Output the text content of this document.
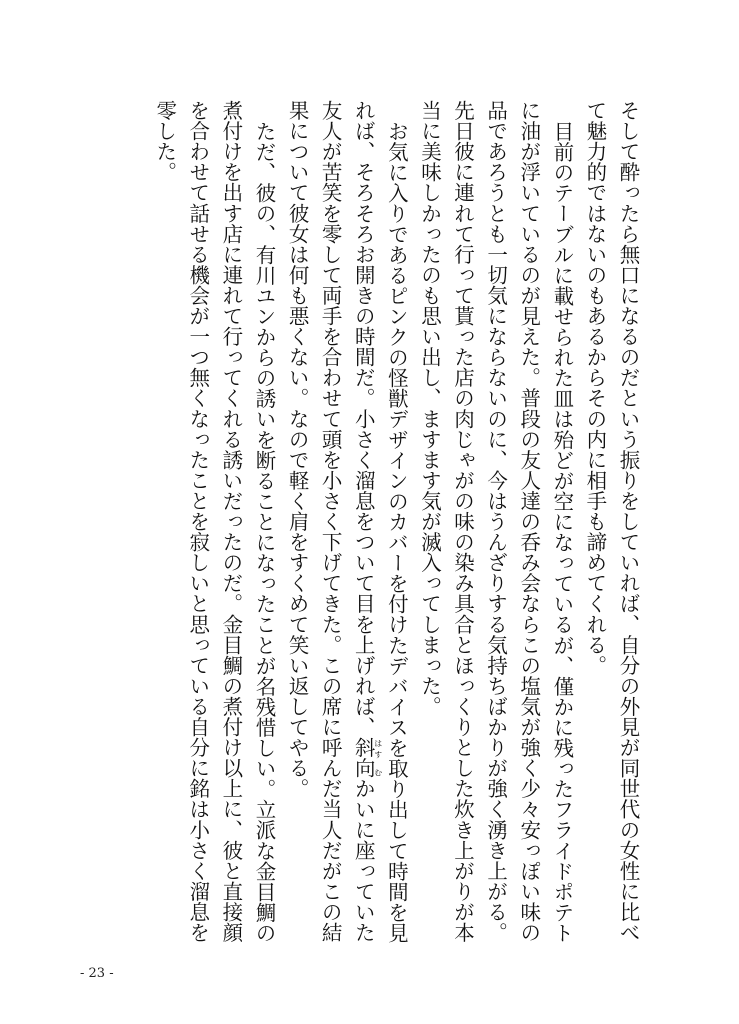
そして酔ったら無口になるのだという振りをしていれば、自分の外見が同世代の女性に比べて魅力的ではないのもあるからその内に相手も諦めてくれる。

目前のテーブルに載せられた皿は殆どが空になっているが、僅かに残ったフライドポテトに油が浮いているのが見えた。普段の友人達の呑み会ならこの塩気が強く少々安っぽい味の品であろうとも一切気にならないのに、今はうんざりする気持ちばかりが強く湧き上がる。先日彼に連れて行って貰った店の肉じゃがの味の染み具合とほっくりとした炊き上がりが本当に美味しかったのも思い出し、ますます気が滅入ってしまった。

お気に入りであるピンクの怪獣デザインのカバーを付けたデバイスを取り出して時間を見れば、そろそろお開きの時間だ。小さく溜息をついて目を上げれば、斜向はす むかいに座っていた友人が苦笑を零して両手を合わせて頭を小さく下げてきた。この席に呼んだ当人だがこの結果について彼女は何も悪くない。なので軽く肩をすくめて笑い返してやる。

ただ、彼の、有川ユンからの誘いを断ることになったことが名残惜しい。立派な金目鯛の煮付けを出す店に連れて行ってくれる誘いだったのだ。金目鯛の煮付け以上に、彼と直接顔を合わせて話せる機会が一つ無くなったことを寂しいと思っている自分に銘は小さく溜息を零した。

- 23 -
